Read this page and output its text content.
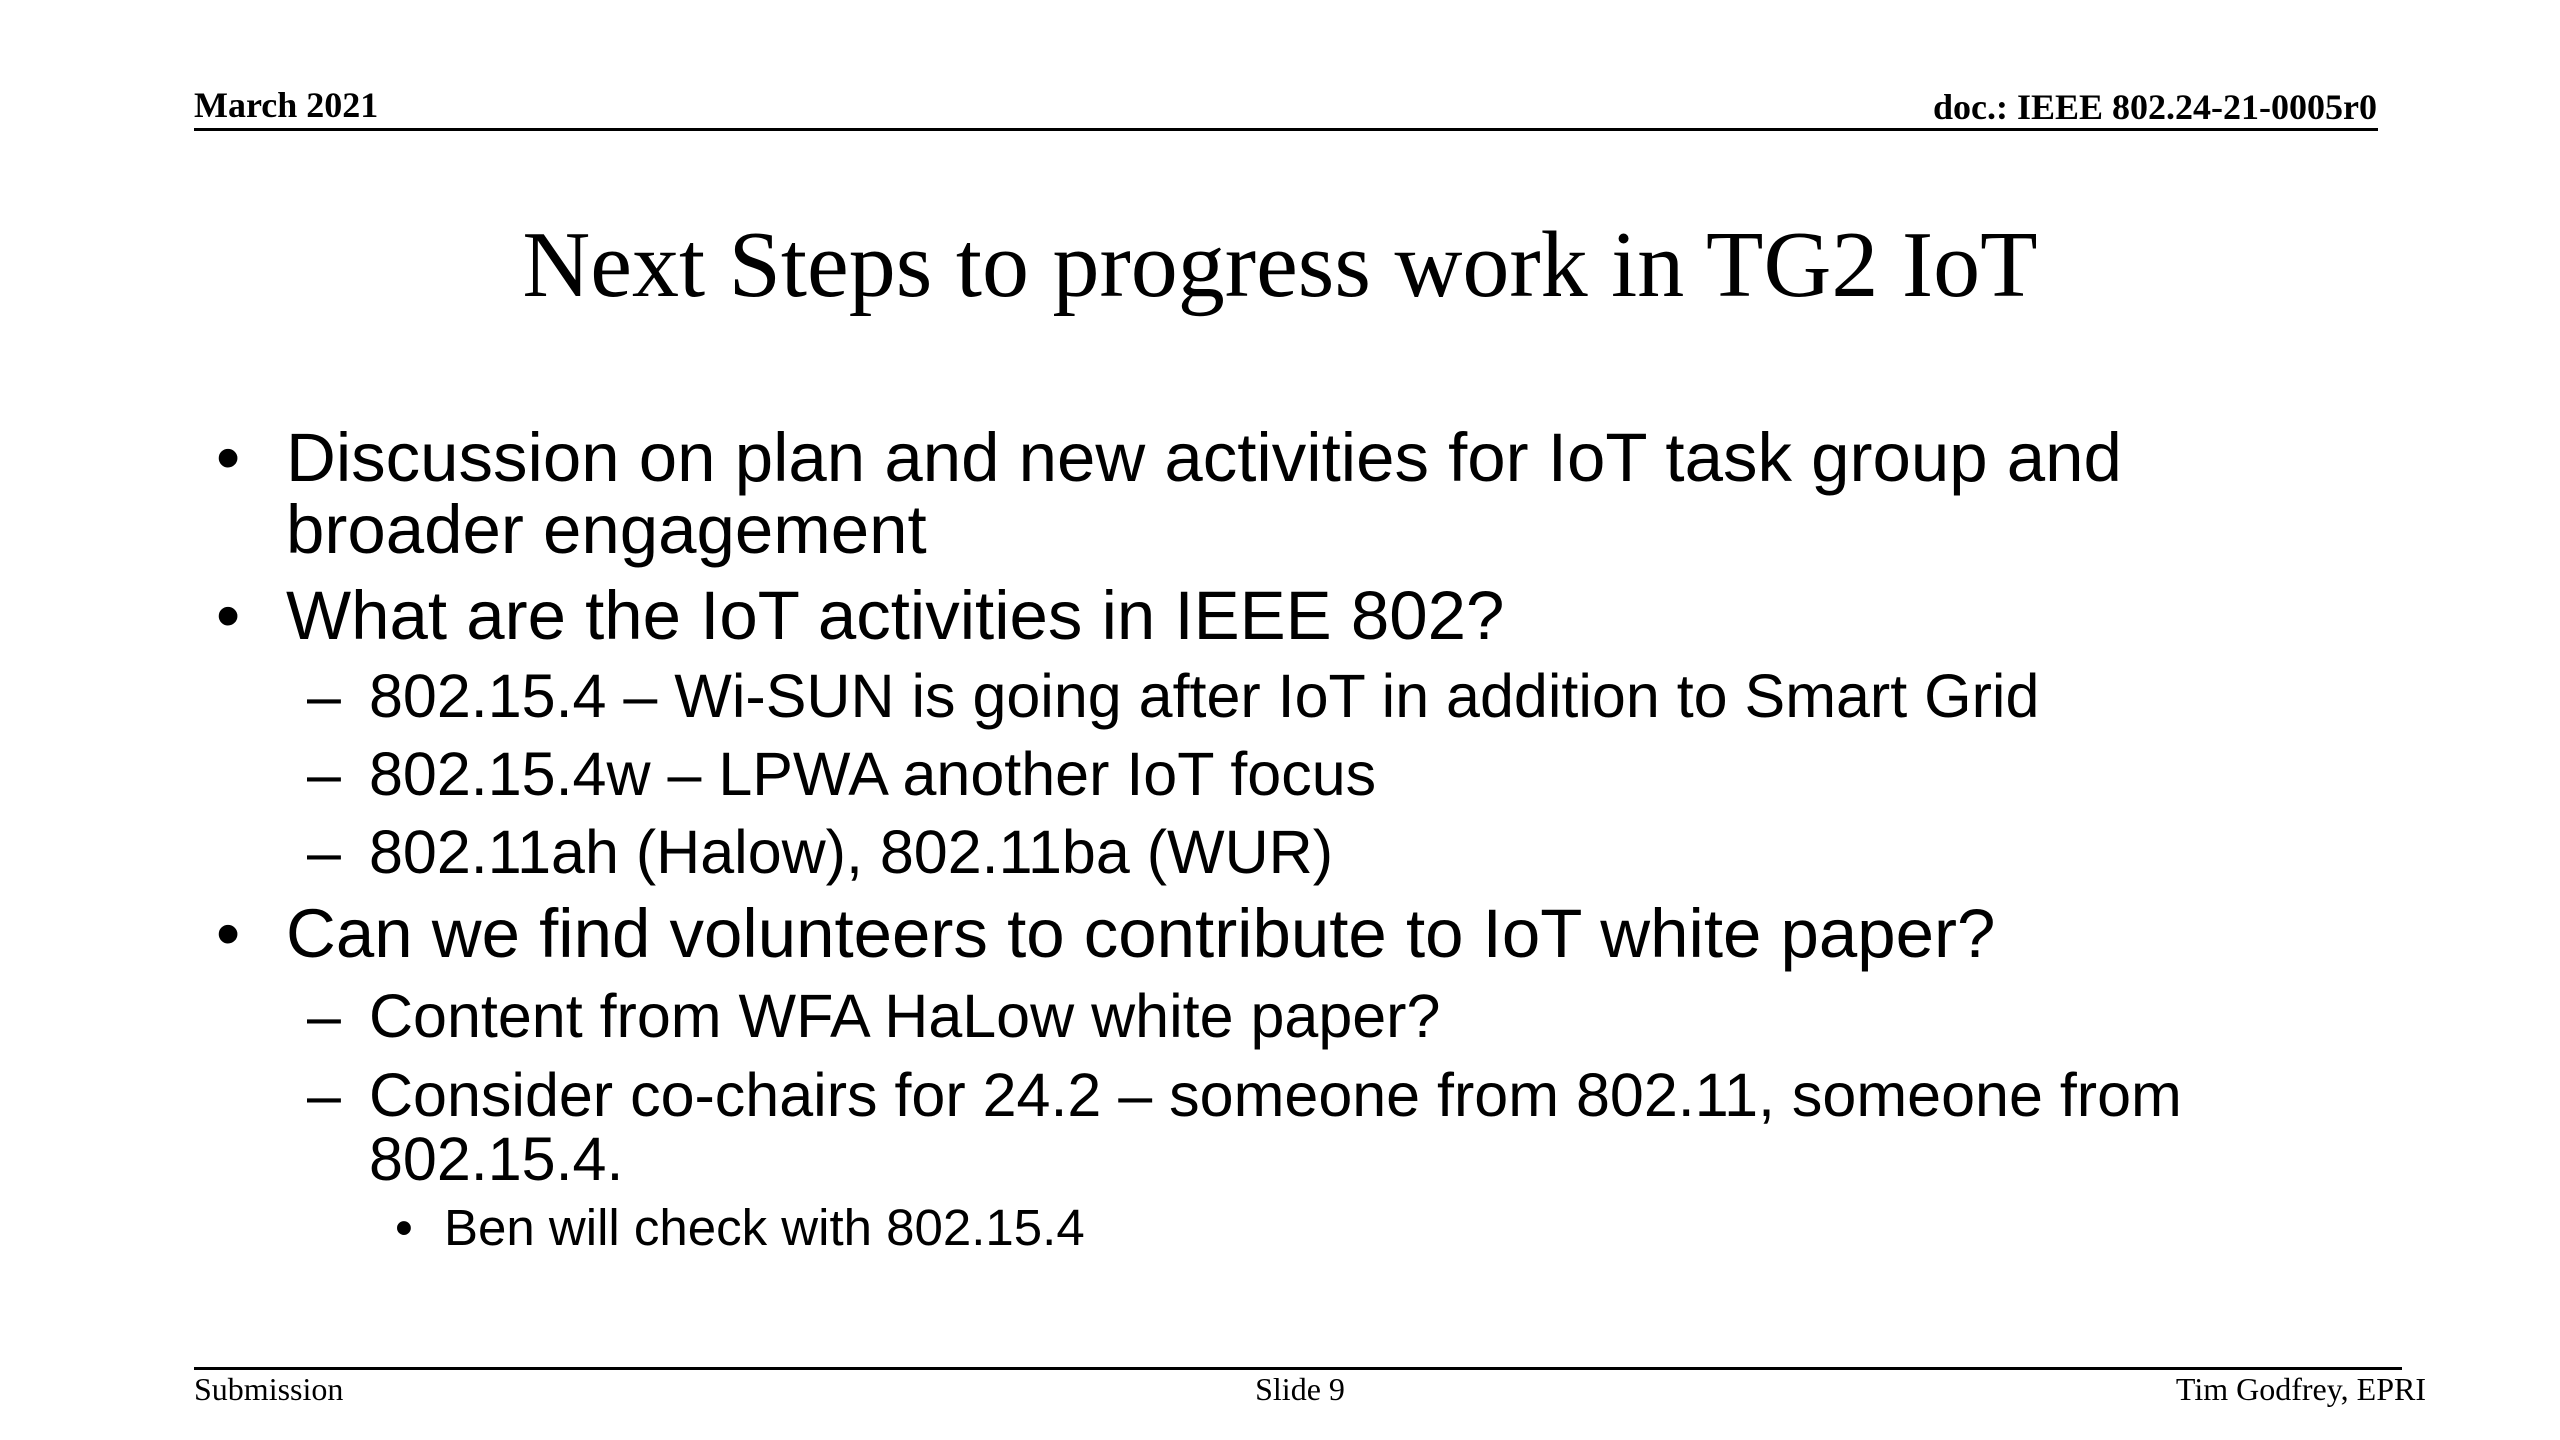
March 2021	doc.: IEEE 802.24-21-0005r0
Next Steps to progress work in TG2 IoT
• Discussion on plan and new activities for IoT task group and
broader engagement
• What are the IoT activities in IEEE 802?
– 802.15.4 – Wi-SUN is going after IoT in addition to Smart Grid
– 802.15.4w – LPWA another IoT focus
– 802.11ah (Halow), 802.11ba (WUR)
• Can we find volunteers to contribute to IoT white paper?
– Content from WFA HaLow white paper?
– Consider co-chairs for 24.2 – someone from 802.11, someone from
802.15.4.
• Ben will check with 802.15.4
Submission	Slide 9	Tim Godfrey, EPRI
